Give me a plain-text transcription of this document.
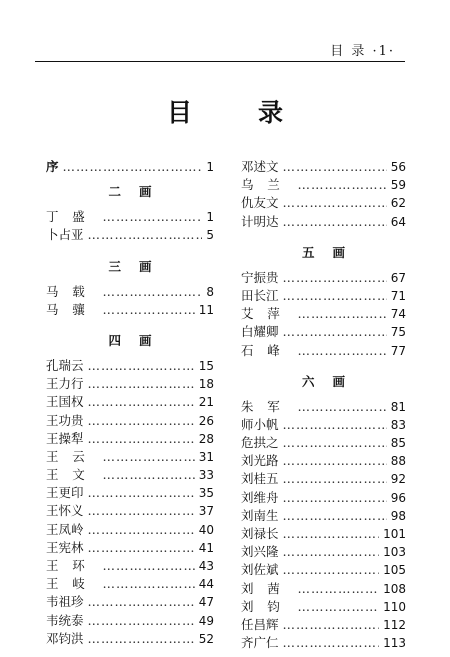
目 录 ·1·
目	录
序 …………………………………………………………………………………………	1
二 画
丁盛 …………………………………………………………………………………………	1
卜占亚 …………………………………………………………………………………………	5
三 画
马载 …………………………………………………………………………………………	8
马骧 …………………………………………………………………………………………	11
四 画
孔瑞云 …………………………………………………………………………………………	15
王力行 …………………………………………………………………………………………	18
王国权 …………………………………………………………………………………………	21
王功贵 …………………………………………………………………………………………	26
王操犁 …………………………………………………………………………………………	28
王云 …………………………………………………………………………………………	31
王文 …………………………………………………………………………………………	33
王更印 …………………………………………………………………………………………	35
王怀义 …………………………………………………………………………………………	37
王凤岭 …………………………………………………………………………………………	40
王宪林 …………………………………………………………………………………………	41
王环 …………………………………………………………………………………………	43
王岐 …………………………………………………………………………………………	44
韦祖珍 …………………………………………………………………………………………	47
韦统泰 …………………………………………………………………………………………	49
邓钧洪 …………………………………………………………………………………………	52
邓述文 …………………………………………………………………………………………	56
乌兰 …………………………………………………………………………………………	59
仇友文 …………………………………………………………………………………………	62
计明达 …………………………………………………………………………………………	64
五 画
宁振贵 …………………………………………………………………………………………	67
田长江 …………………………………………………………………………………………	71
艾萍 …………………………………………………………………………………………	74
白耀卿 …………………………………………………………………………………………	75
石峰 …………………………………………………………………………………………	77
六 画
朱军 …………………………………………………………………………………………	81
师小帆 …………………………………………………………………………………………	83
危拱之 …………………………………………………………………………………………	85
刘光路 …………………………………………………………………………………………	88
刘桂五 …………………………………………………………………………………………	92
刘维舟 …………………………………………………………………………………………	96
刘南生 …………………………………………………………………………………………	98
刘禄长 …………………………………………………………………………………………	101
刘兴隆 …………………………………………………………………………………………	103
刘佐斌 …………………………………………………………………………………………	105
刘茜 …………………………………………………………………………………………	108
刘钧 …………………………………………………………………………………………	110
任昌辉 …………………………………………………………………………………………	112
齐广仁 …………………………………………………………………………………………	113
